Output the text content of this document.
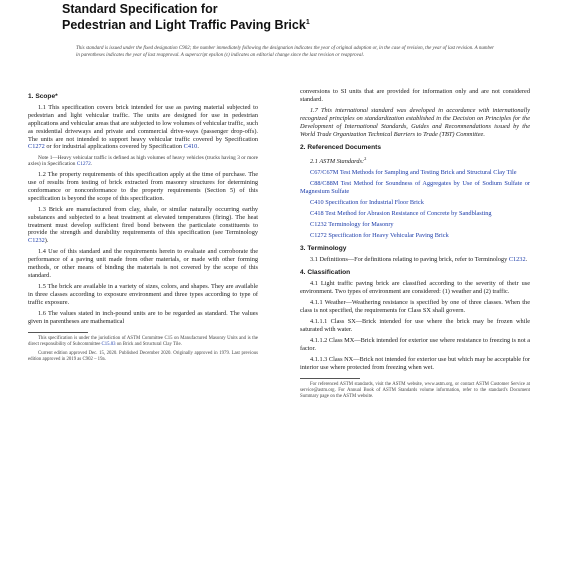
Standard Specification for
Pedestrian and Light Traffic Paving Brick$^1$
This standard is issued under the fixed designation C902; the number immediately following the designation indicates the year of original adoption or, in the case of revision, the year of last revision. A number in parentheses indicates the year of last reapproval. A superscript epsilon (ε) indicates an editorial change since the last revision or reapproval.
1. Scope*

1.1 This specification covers brick intended for use as paving material subjected to pedestrian and light vehicular traffic. The units are designed for use in pedestrian applications and vehicular areas that are subjected to low volumes of vehicular traffic, such as residential driveways and private and commercial drive-ways (passenger drop-offs). The units are not intended to support heavy vehicular traffic covered by Specification C1272 or for industrial applications covered by Specification C410.

Note 1—Heavy vehicular traffic is defined as high volumes of heavy vehicles (trucks having 3 or more axles) in Specification C1272.

1.2 The property requirements of this specification apply at the time of purchase. The use of results from testing of brick extracted from masonry structures for determining conformance or nonconformance to the property requirements (Section 5) of this specification is beyond the scope of this specification.

1.3 Brick are manufactured from clay, shale, or similar naturally occurring earthy substances and subjected to a heat treatment at elevated temperatures (firing). The heat treatment must develop sufficient fired bond between the particulate constituents to provide the strength and durability requirements of this specification (see Terminology C1232).

1.4 Use of this standard and the requirements herein to evaluate and corroborate the performance of a paving unit made from other materials, or made with other forming methods, or other means of binding the materials is not covered by the scope of this standard.

1.5 The brick are available in a variety of sizes, colors, and shapes. They are available in three classes according to exposure environment and three types according to type of traffic exposure.

1.6 The values stated in inch-pound units are to be regarded as standard. The values given in parentheses are mathematical

This specification is under the jurisdiction of ASTM Committee C15 on Manufactured Masonry Units and is the direct responsibility of Subcommittee C15.03 on Brick and Structural Clay Tile.

Current edition approved Dec. 15, 2020. Published December 2020. Originally approved in 1979. Last previous edition approved in 2019 as C902 – 19a.

conversions to SI units that are provided for information only and are not considered standard.

1.7 This international standard was developed in accordance with internationally recognized principles on standardization established in the Decision on Principles for the Development of International Standards, Guides and Recommendations issued by the World Trade Organization Technical Barriers to Trade (TBT) Committee.

2. Referenced Documents

2.1 ASTM Standards:$^2$

C67/C67M Test Methods for Sampling and Testing Brick and Structural Clay Tile

C88/C88M Test Method for Soundness of Aggregates by Use of Sodium Sulfate or Magnesium Sulfate

C410 Specification for Industrial Floor Brick

C418 Test Method for Abrasion Resistance of Concrete by Sandblasting

C1232 Terminology for Masonry

C1272 Specification for Heavy Vehicular Paving Brick

3. Terminology

3.1 Definitions—For definitions relating to paving brick, refer to Terminology C1232.

4. Classification

4.1 Light traffic paving brick are classified according to the severity of their use environment. Two types of environment are considered: (1) weather and (2) traffic.

4.1.1 Weather—Weathering resistance is specified by one of three classes. When the class is not specified, the requirements for Class SX shall govern.

4.1.1.1 Class SX—Brick intended for use where the brick may be frozen while saturated with water.

4.1.1.2 Class MX—Brick intended for exterior use where resistance to freezing is not a factor.

4.1.1.3 Class NX—Brick not intended for exterior use but which may be acceptable for interior use where protected from freezing when wet.

For referenced ASTM standards, visit the ASTM website, www.astm.org, or contact ASTM Customer Service at service@astm.org. For Annual Book of ASTM Standards volume information, refer to the standard's Document Summary page on the ASTM website.
